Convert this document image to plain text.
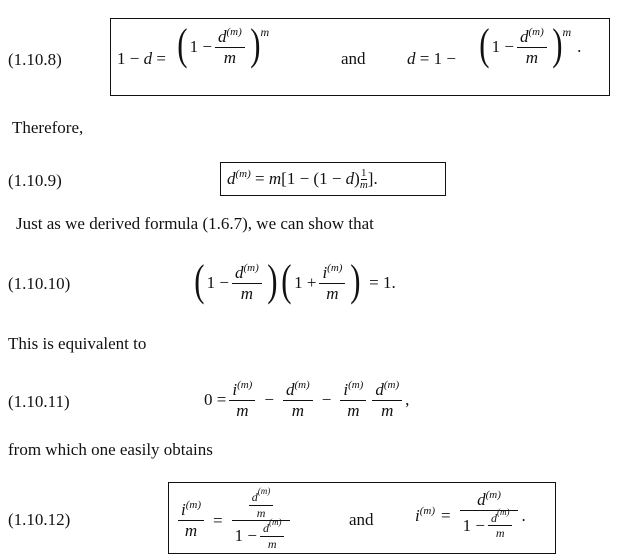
(1.10.8)	1 − d = ( $1 - \frac{d^{(m)}}{m}$ ) m
and d = 1 − ( $1 - \frac{d^{(m)}}{m}$ ) m
.
Therefore,
(1.10.9)	$d^{(m)} = m[1 - (1 - d) \frac{1}{m}$ ].
Just as we derived formula (1.6.7), we can show that
(1.10.10)	( $1 - \frac{d^{(m)}}{m}$ ) ( $1 + \frac{i^{(m)}}{m}$ ) = 1.
This is equivalent to
(1.10.11)	$0 = \frac{i^{(m)}}{m} - \frac{d^{(m)}}{m} - \frac{i^{(m)}}{m} \frac{d^{(m)}}{m}$ ,
from which one easily obtains
(1.10.12)	$\frac{i^{(m)}}{m} = \frac{\frac{d^{(m)}}{m}}{1 - \frac{d^{(m)}}{m}}$	and $i^{(m)} = \frac{d^{(m)}}{1 - \frac{d^{(m)}}{m}}$ .
